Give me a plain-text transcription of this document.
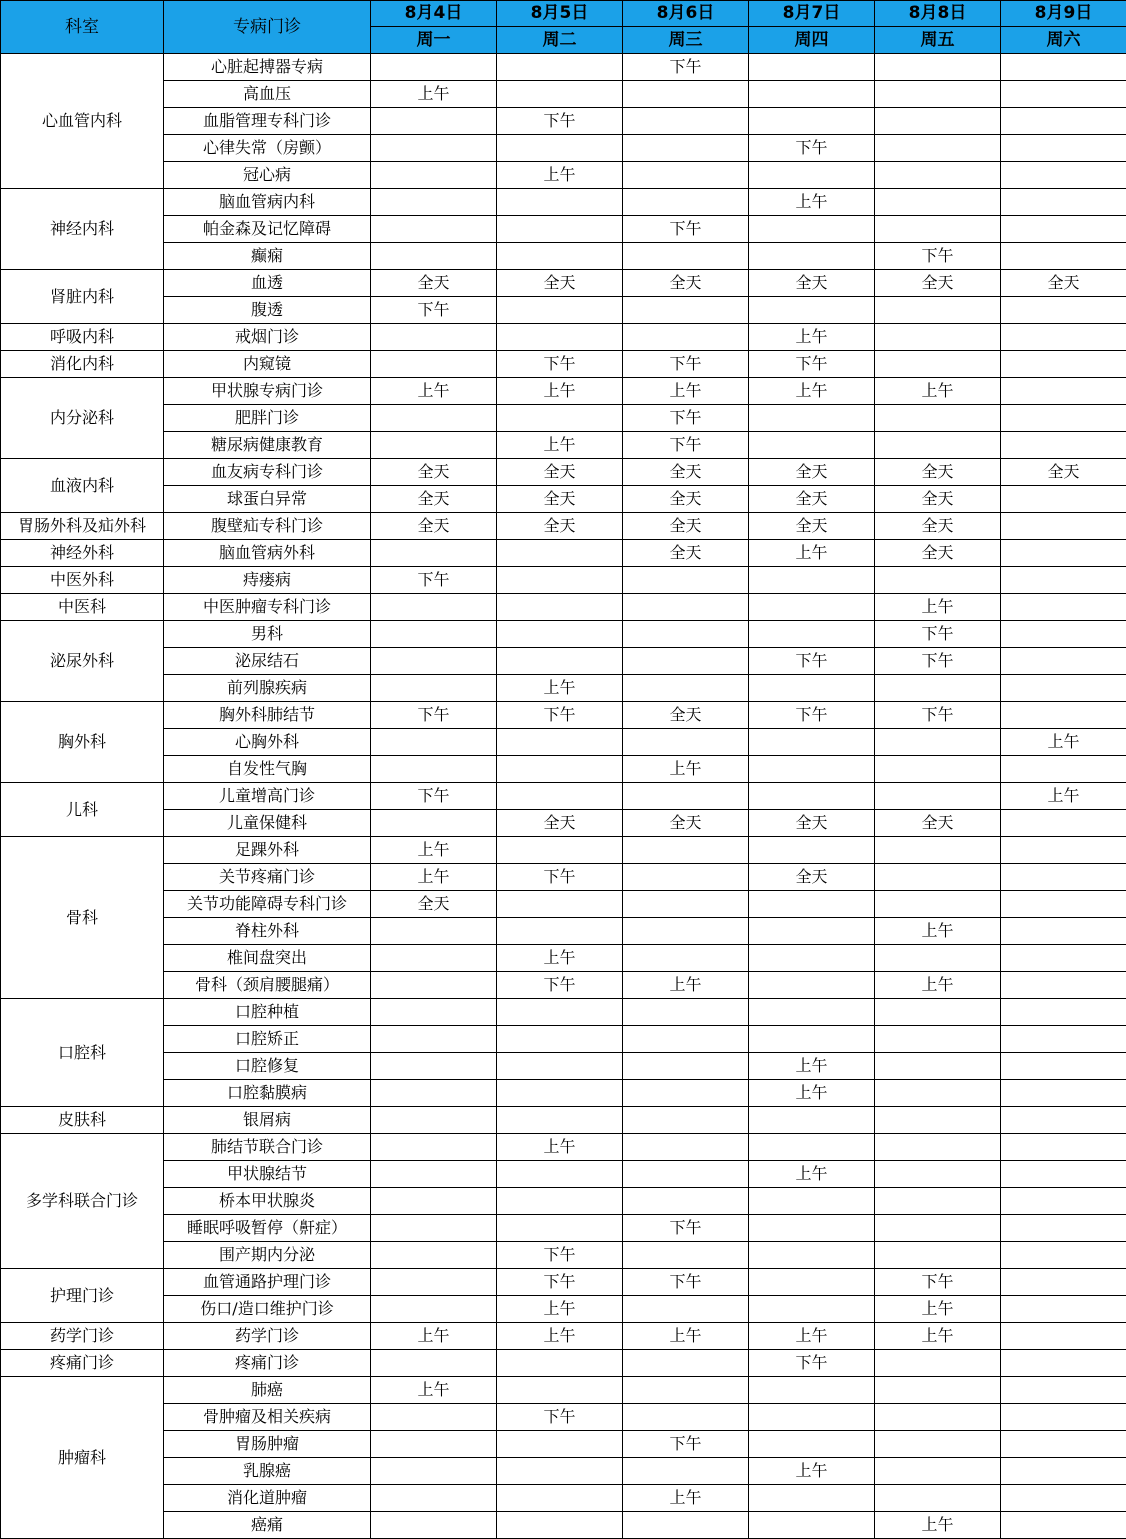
科室	专病门诊	8月4日	8月5日	8月6日	8月7日	8月8日	8月9日
		周一	周二	周三	周四	周五	周六
心血管内科	心脏起搏器专病			下午			
	高血压	上午					
	血脂管理专科门诊		下午				
	心律失常（房颤）				下午		
	冠心病		上午				
神经内科	脑血管病内科				上午		
	帕金森及记忆障碍			下午			
	癫痫					下午	
肾脏内科	血透	全天	全天	全天	全天	全天	全天
	腹透	下午					
呼吸内科	戒烟门诊				上午		
消化内科	内窥镜		下午	下午	下午		
内分泌科	甲状腺专病门诊	上午	上午	上午	上午	上午	
	肥胖门诊			下午			
	糖尿病健康教育		上午	下午			
血液内科	血友病专科门诊	全天	全天	全天	全天	全天	全天
	球蛋白异常	全天	全天	全天	全天	全天	
胃肠外科及疝外科	腹壁疝专科门诊	全天	全天	全天	全天	全天	
神经外科	脑血管病外科			全天	上午	全天	
中医外科	痔瘘病	下午					
中医科	中医肿瘤专科门诊					上午	
泌尿外科	男科					下午	
	泌尿结石				下午	下午	
	前列腺疾病		上午				
胸外科	胸外科肺结节	下午	下午	全天	下午	下午	
	心胸外科						上午
	自发性气胸			上午			
儿科	儿童增高门诊	下午					上午
	儿童保健科		全天	全天	全天	全天	
骨科	足踝外科	上午					
	关节疼痛门诊	上午	下午		全天		
	关节功能障碍专科门诊	全天					
	脊柱外科					上午	
	椎间盘突出		上午				
	骨科（颈肩腰腿痛）		下午	上午		上午	
口腔科	口腔种植						
	口腔矫正						
	口腔修复				上午		
	口腔黏膜病				上午		
皮肤科	银屑病						
多学科联合门诊	肺结节联合门诊		上午				
	甲状腺结节				上午		
	桥本甲状腺炎						
	睡眠呼吸暂停（鼾症）			下午			
	围产期内分泌		下午				
护理门诊	血管通路护理门诊		下午	下午		下午	
	伤口/造口维护门诊		上午			上午	
药学门诊	药学门诊	上午	上午	上午	上午	上午	
疼痛门诊	疼痛门诊				下午		
肿瘤科	肺癌	上午					
	骨肿瘤及相关疾病		下午				
	胃肠肿瘤			下午			
	乳腺癌				上午		
	消化道肿瘤			上午			
	癌痛					上午	
